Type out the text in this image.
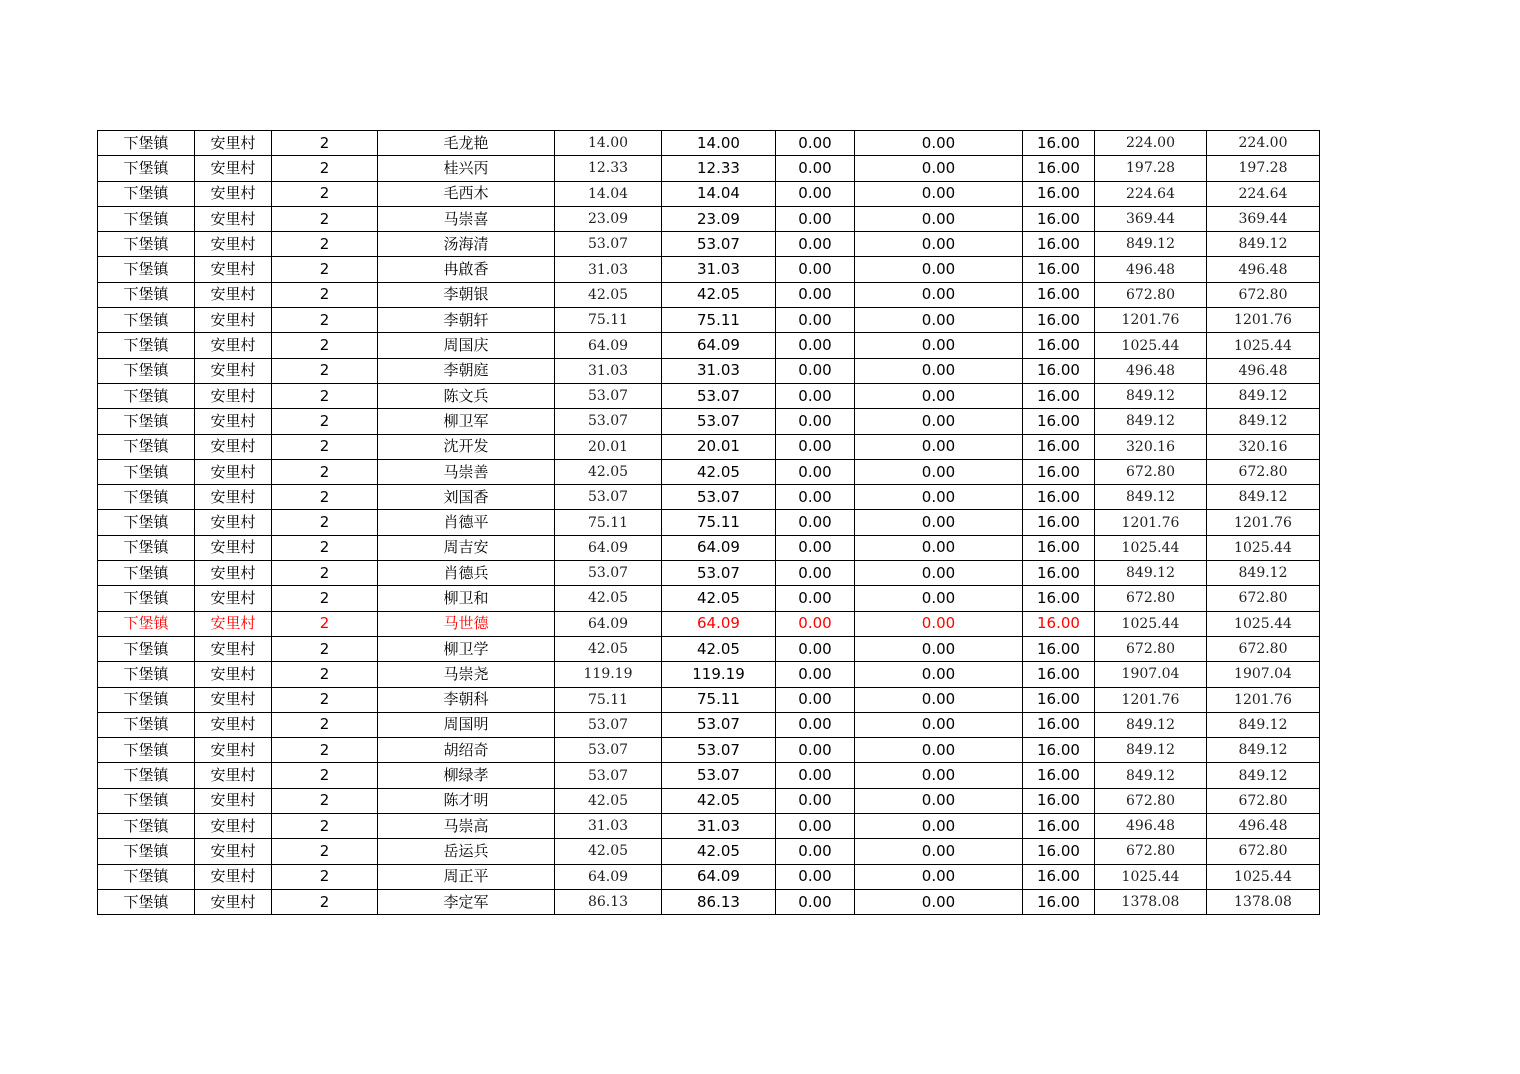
下堡镇	安里村	2	毛龙艳	14.00	14.00	0.00	0.00	16.00	224.00	224.00
下堡镇	安里村	2	桂兴丙	12.33	12.33	0.00	0.00	16.00	197.28	197.28
下堡镇	安里村	2	毛西木	14.04	14.04	0.00	0.00	16.00	224.64	224.64
下堡镇	安里村	2	马崇喜	23.09	23.09	0.00	0.00	16.00	369.44	369.44
下堡镇	安里村	2	汤海清	53.07	53.07	0.00	0.00	16.00	849.12	849.12
下堡镇	安里村	2	冉啟香	31.03	31.03	0.00	0.00	16.00	496.48	496.48
下堡镇	安里村	2	李朝银	42.05	42.05	0.00	0.00	16.00	672.80	672.80
下堡镇	安里村	2	李朝轩	75.11	75.11	0.00	0.00	16.00	1201.76	1201.76
下堡镇	安里村	2	周国庆	64.09	64.09	0.00	0.00	16.00	1025.44	1025.44
下堡镇	安里村	2	李朝庭	31.03	31.03	0.00	0.00	16.00	496.48	496.48
下堡镇	安里村	2	陈文兵	53.07	53.07	0.00	0.00	16.00	849.12	849.12
下堡镇	安里村	2	柳卫军	53.07	53.07	0.00	0.00	16.00	849.12	849.12
下堡镇	安里村	2	沈开发	20.01	20.01	0.00	0.00	16.00	320.16	320.16
下堡镇	安里村	2	马崇善	42.05	42.05	0.00	0.00	16.00	672.80	672.80
下堡镇	安里村	2	刘国香	53.07	53.07	0.00	0.00	16.00	849.12	849.12
下堡镇	安里村	2	肖德平	75.11	75.11	0.00	0.00	16.00	1201.76	1201.76
下堡镇	安里村	2	周吉安	64.09	64.09	0.00	0.00	16.00	1025.44	1025.44
下堡镇	安里村	2	肖德兵	53.07	53.07	0.00	0.00	16.00	849.12	849.12
下堡镇	安里村	2	柳卫和	42.05	42.05	0.00	0.00	16.00	672.80	672.80
下堡镇	安里村	2	马世德	64.09	64.09	0.00	0.00	16.00	1025.44	1025.44
下堡镇	安里村	2	柳卫学	42.05	42.05	0.00	0.00	16.00	672.80	672.80
下堡镇	安里村	2	马崇尧	119.19	119.19	0.00	0.00	16.00	1907.04	1907.04
下堡镇	安里村	2	李朝科	75.11	75.11	0.00	0.00	16.00	1201.76	1201.76
下堡镇	安里村	2	周国明	53.07	53.07	0.00	0.00	16.00	849.12	849.12
下堡镇	安里村	2	胡绍奇	53.07	53.07	0.00	0.00	16.00	849.12	849.12
下堡镇	安里村	2	柳绿孝	53.07	53.07	0.00	0.00	16.00	849.12	849.12
下堡镇	安里村	2	陈才明	42.05	42.05	0.00	0.00	16.00	672.80	672.80
下堡镇	安里村	2	马崇高	31.03	31.03	0.00	0.00	16.00	496.48	496.48
下堡镇	安里村	2	岳运兵	42.05	42.05	0.00	0.00	16.00	672.80	672.80
下堡镇	安里村	2	周正平	64.09	64.09	0.00	0.00	16.00	1025.44	1025.44
下堡镇	安里村	2	李定军	86.13	86.13	0.00	0.00	16.00	1378.08	1378.08
